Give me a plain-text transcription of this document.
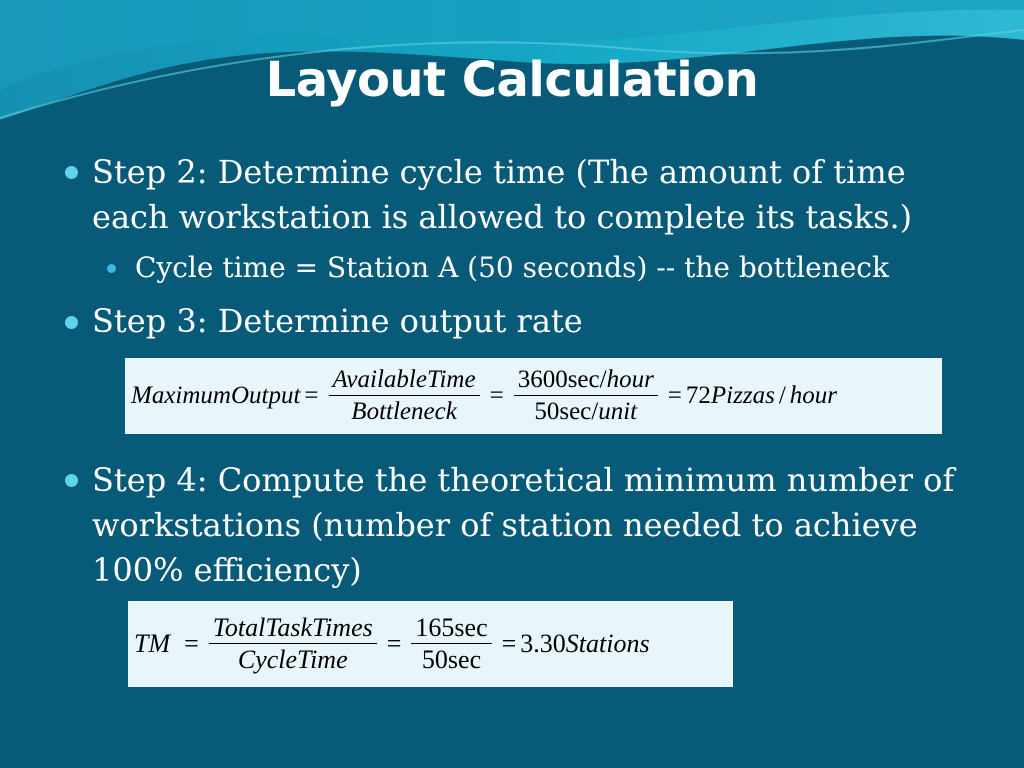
Layout Calculation
Step 2: Determine cycle time (The amount of time each workstation is allowed to complete its tasks.)
Cycle time = Station A (50 seconds) -- the bottleneck
Step 3: Determine output rate
MaximumOutput = $\frac{\text{AvailableTime}}{\text{Bottleneck}} = \frac{\text{3600sec/hour}}{\text{50sec/unit}} = 72$ Pizzas / hour
Step 4: Compute the theoretical minimum number of workstations (number of station needed to achieve 100% efficiency)
TM = $\frac{\text{TotalTaskTimes}}{\text{CycleTime}} = \frac{165\sec}{50\sec} = 3.30$ Stations
